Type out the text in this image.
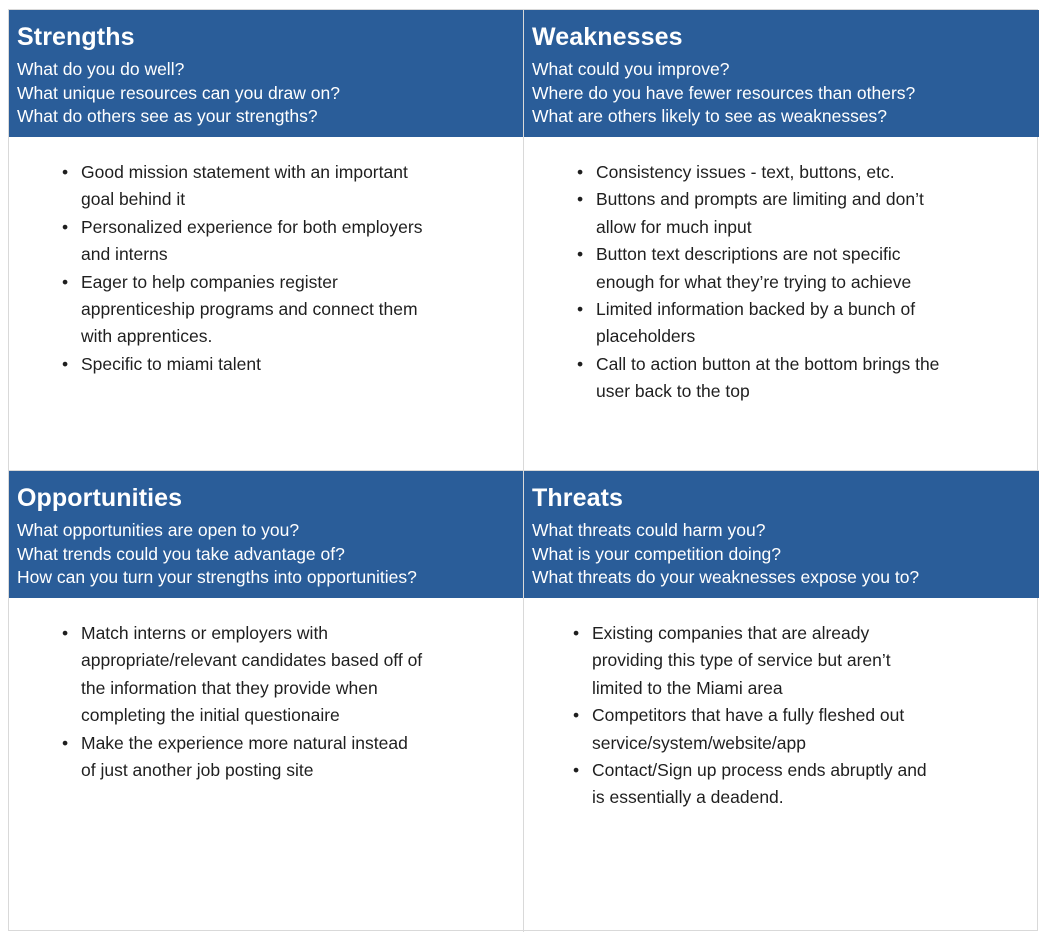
Strengths

What do you do well?

What unique resources can you draw on?

What do others see as your strengths?

• Good mission statement with an important goal behind it
• Personalized experience for both employers and interns
• Eager to help companies register apprenticeship programs and connect them with apprentices.
• Specific to miami talent
Weaknesses

What could you improve?

Where do you have fewer resources than others?

What are others likely to see as weaknesses?

• Consistency issues - text, buttons, etc.
• Buttons and prompts are limiting and don’t allow for much input
• Button text descriptions are not specific enough for what they’re trying to achieve
• Limited information backed by a bunch of placeholders
• Call to action button at the bottom brings the user back to the top
Opportunities

What opportunities are open to you?

What trends could you take advantage of?

How can you turn your strengths into opportunities?

• Match interns or employers with appropriate/relevant candidates based off of the information that they provide when completing the initial questionaire
• Make the experience more natural instead of just another job posting site
Threats

What threats could harm you?

What is your competition doing?

What threats do your weaknesses expose you to?

• Existing companies that are already providing this type of service but aren’t limited to the Miami area
• Competitors that have a fully fleshed out service/system/website/app
• Contact/Sign up process ends abruptly and is essentially a deadend.
